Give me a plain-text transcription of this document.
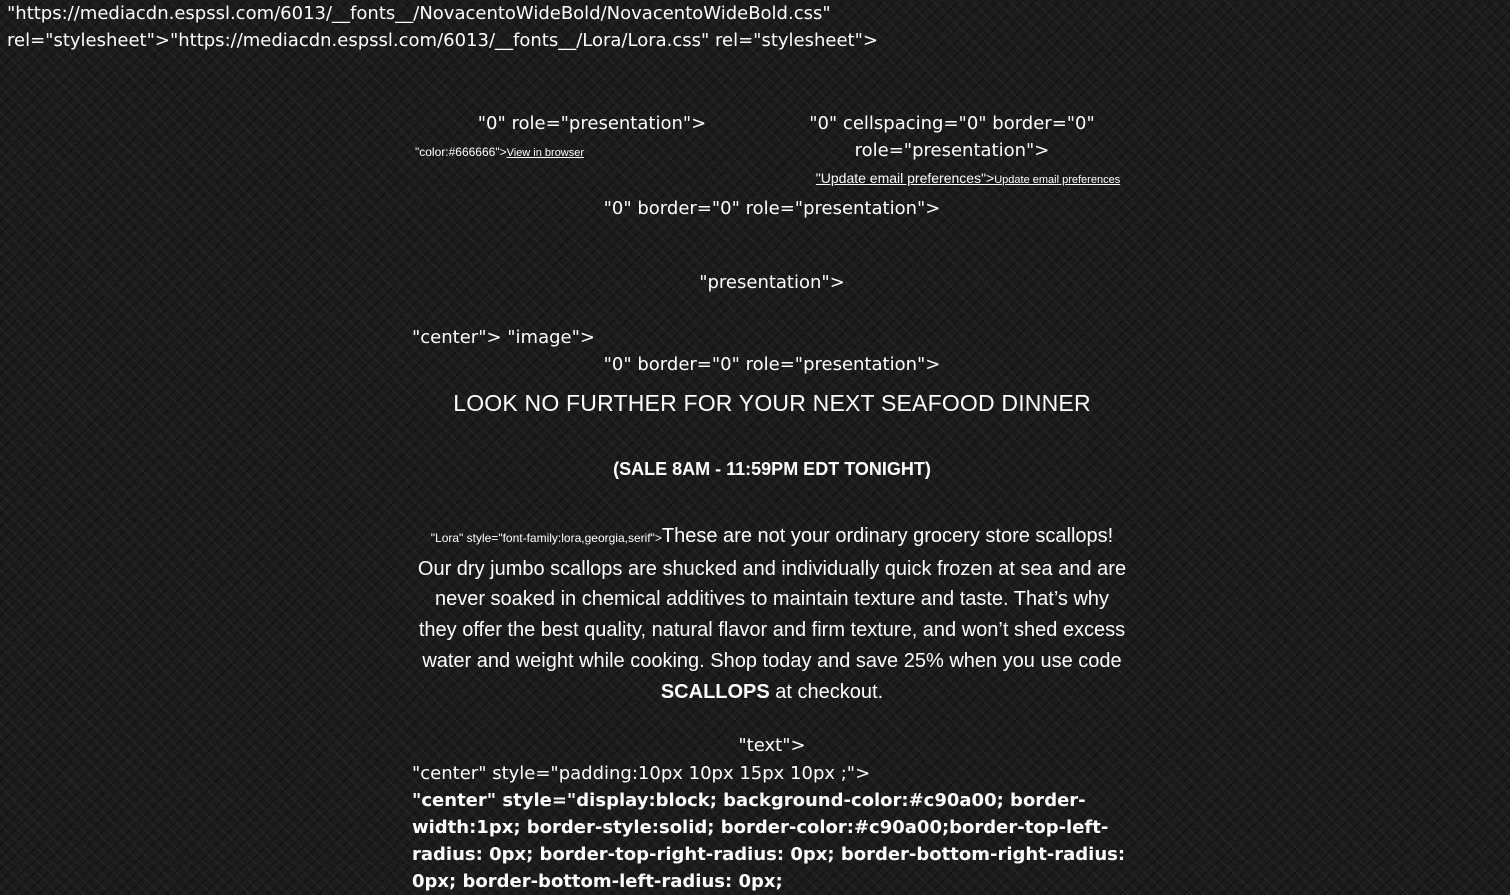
"https://mediacdn.espssl.com/6013/__fonts__/NovacentoWideBold/NovacentoWideBold.css" rel="stylesheet">"https://mediacdn.espssl.com/6013/__fonts__/Lora/Lora.css" rel="stylesheet">
"0" role="presentation">
"color:#666666">View in browser
"0" cellspacing="0" border="0"
role="presentation">
"Update email preferences">Update email preferences
"0" border="0" role="presentation">
"presentation">
"center"> "image">
"0" border="0" role="presentation">
LOOK NO FURTHER FOR YOUR NEXT SEAFOOD DINNER
(SALE 8AM - 11:59PM EDT TONIGHT)
"Lora" style="font-family:lora,georgia,serif">These are not your ordinary grocery store scallops! Our dry jumbo scallops are shucked and individually quick frozen at sea and are never soaked in chemical additives to maintain texture and taste. That’s why they offer the best quality, natural flavor and firm texture, and won’t shed excess water and weight while cooking. Shop today and save 25% when you use code SCALLOPS at checkout.
"text">
"center" style="padding:10px 10px 15px 10px ;">
"center" style="display:block; background-color:#c90a00; border-width:1px; border-style:solid; border-color:#c90a00;border-top-left-radius: 0px; border-top-right-radius: 0px; border-bottom-right-radius: 0px; border-bottom-left-radius: 0px;
